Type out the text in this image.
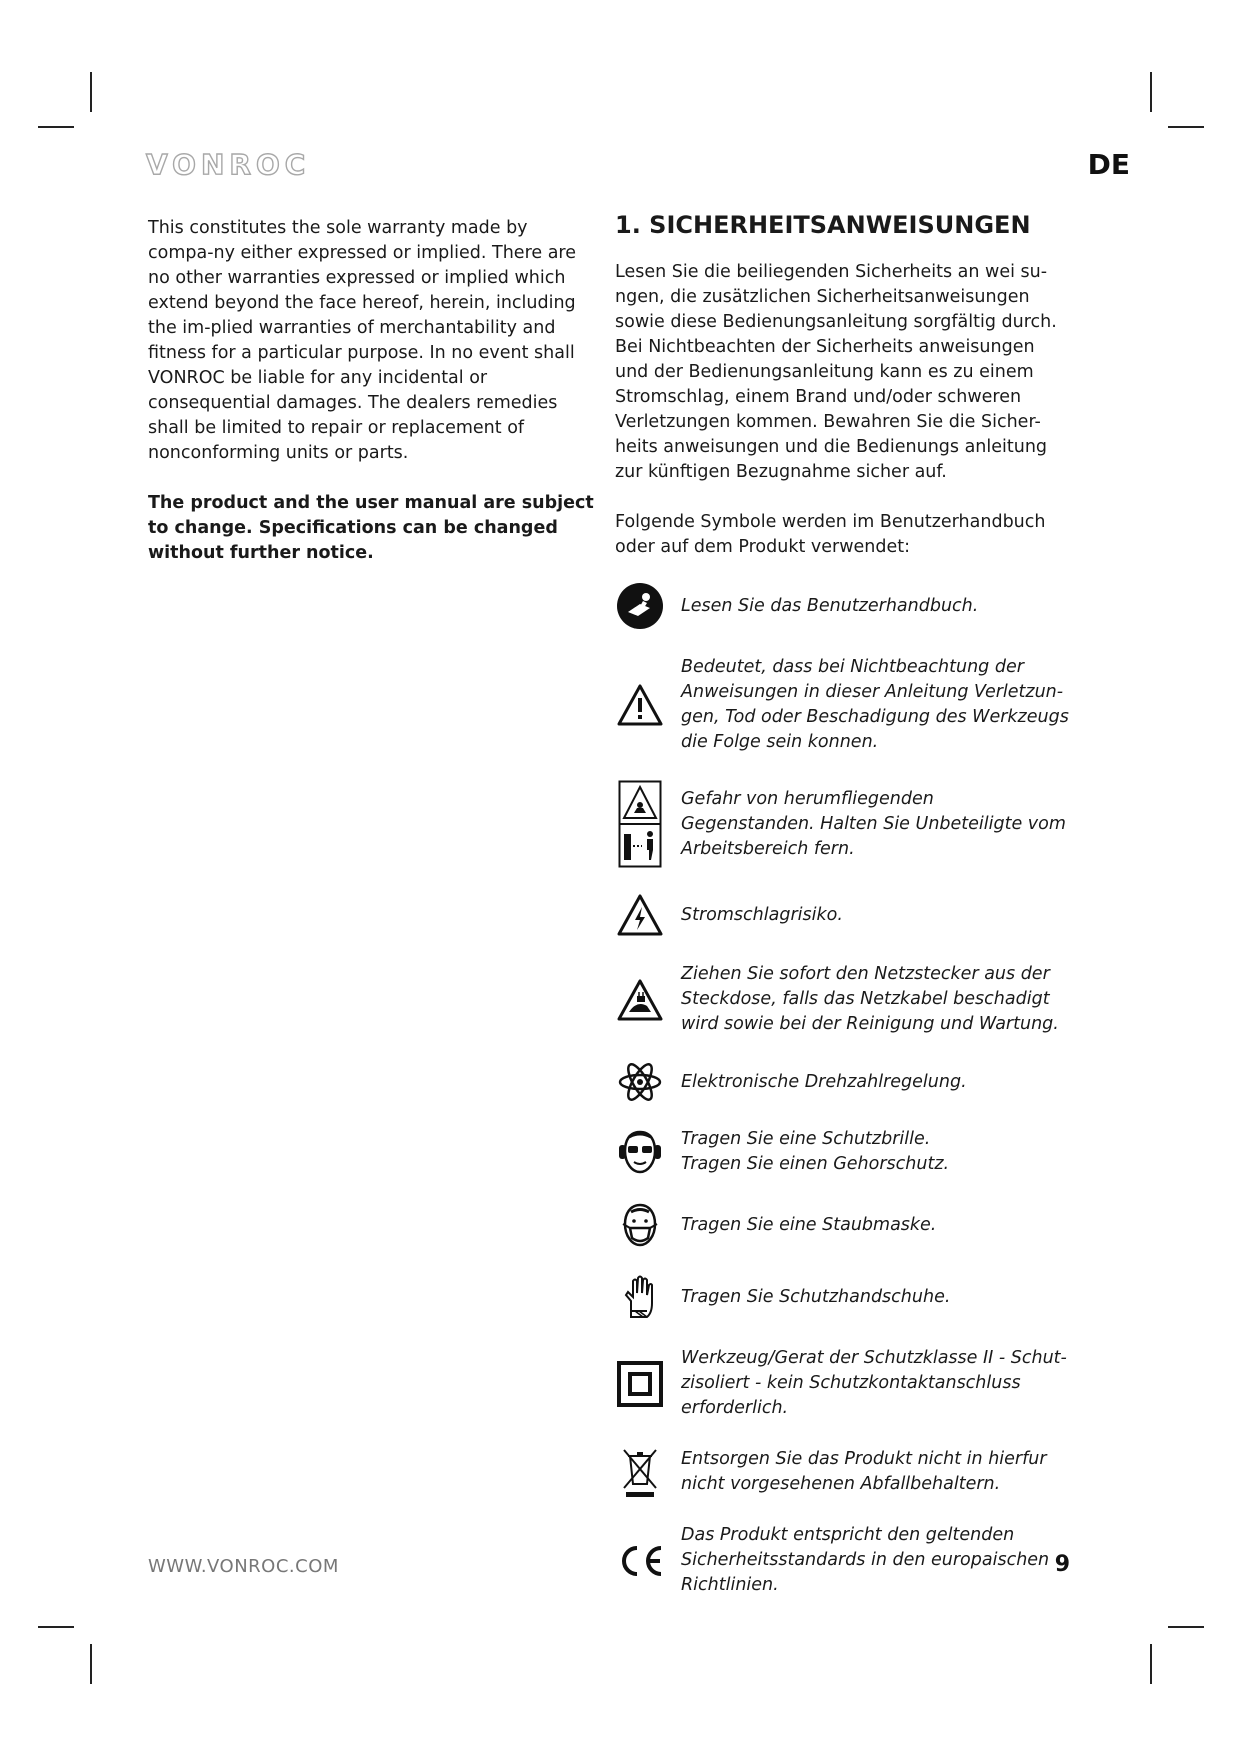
VONROC	DE

This constitutes the sole warranty made by compa-ny either expressed or implied. There are no other warranties expressed or implied which extend beyond the face hereof, herein, including the im-plied warranties of merchantability and fitness for a particular purpose. In no event shall VONROC be liable for any incidental or consequential damages. The dealers remedies shall be limited to repair or replacement of nonconforming units or parts.

The product and the user manual are subject to change. Specifications can be changed without further notice.

1. SICHERHEITSANWEISUNGEN

Lesen Sie die beiliegenden Sicherheits an wei su-ngen, die zusätzlichen Sicherheitsanweisungen sowie diese Bedienungsanleitung sorgfältig durch. Bei Nichtbeachten der Sicherheits anweisungen und der Bedienungsanleitung kann es zu einem Stromschlag, einem Brand und/oder schweren Verletzungen kommen. Bewahren Sie die Sicher-heits anweisungen und die Bedienungs anleitung zur künftigen Bezugnahme sicher auf.

Folgende Symbole werden im Benutzerhandbuch oder auf dem Produkt verwendet:

Lesen Sie das Benutzerhandbuch.
Bedeutet, dass bei Nichtbeachtung der Anweisungen in dieser Anleitung Verletzun-gen, Tod oder Beschadigung des Werkzeugs die Folge sein konnen.
Gefahr von herumfliegenden Gegenstanden. Halten Sie Unbeteiligte vom Arbeitsbereich fern.
Stromschlagrisiko.
Ziehen Sie sofort den Netzstecker aus der Steckdose, falls das Netzkabel beschadigt wird sowie bei der Reinigung und Wartung.
Elektronische Drehzahlregelung.
Tragen Sie eine Schutzbrille.
Tragen Sie einen Gehorschutz.
Tragen Sie eine Staubmaske.
Tragen Sie Schutzhandschuhe.
Werkzeug/Gerat der Schutzklasse II - Schut-zisoliert - kein Schutzkontaktanschluss erforderlich.
Entsorgen Sie das Produkt nicht in hierfur nicht vorgesehenen Abfallbehaltern.
Das Produkt entspricht den geltenden Sicherheitsstandards in den europaischen Richtlinien.
WWW.VONROC.COM	9
